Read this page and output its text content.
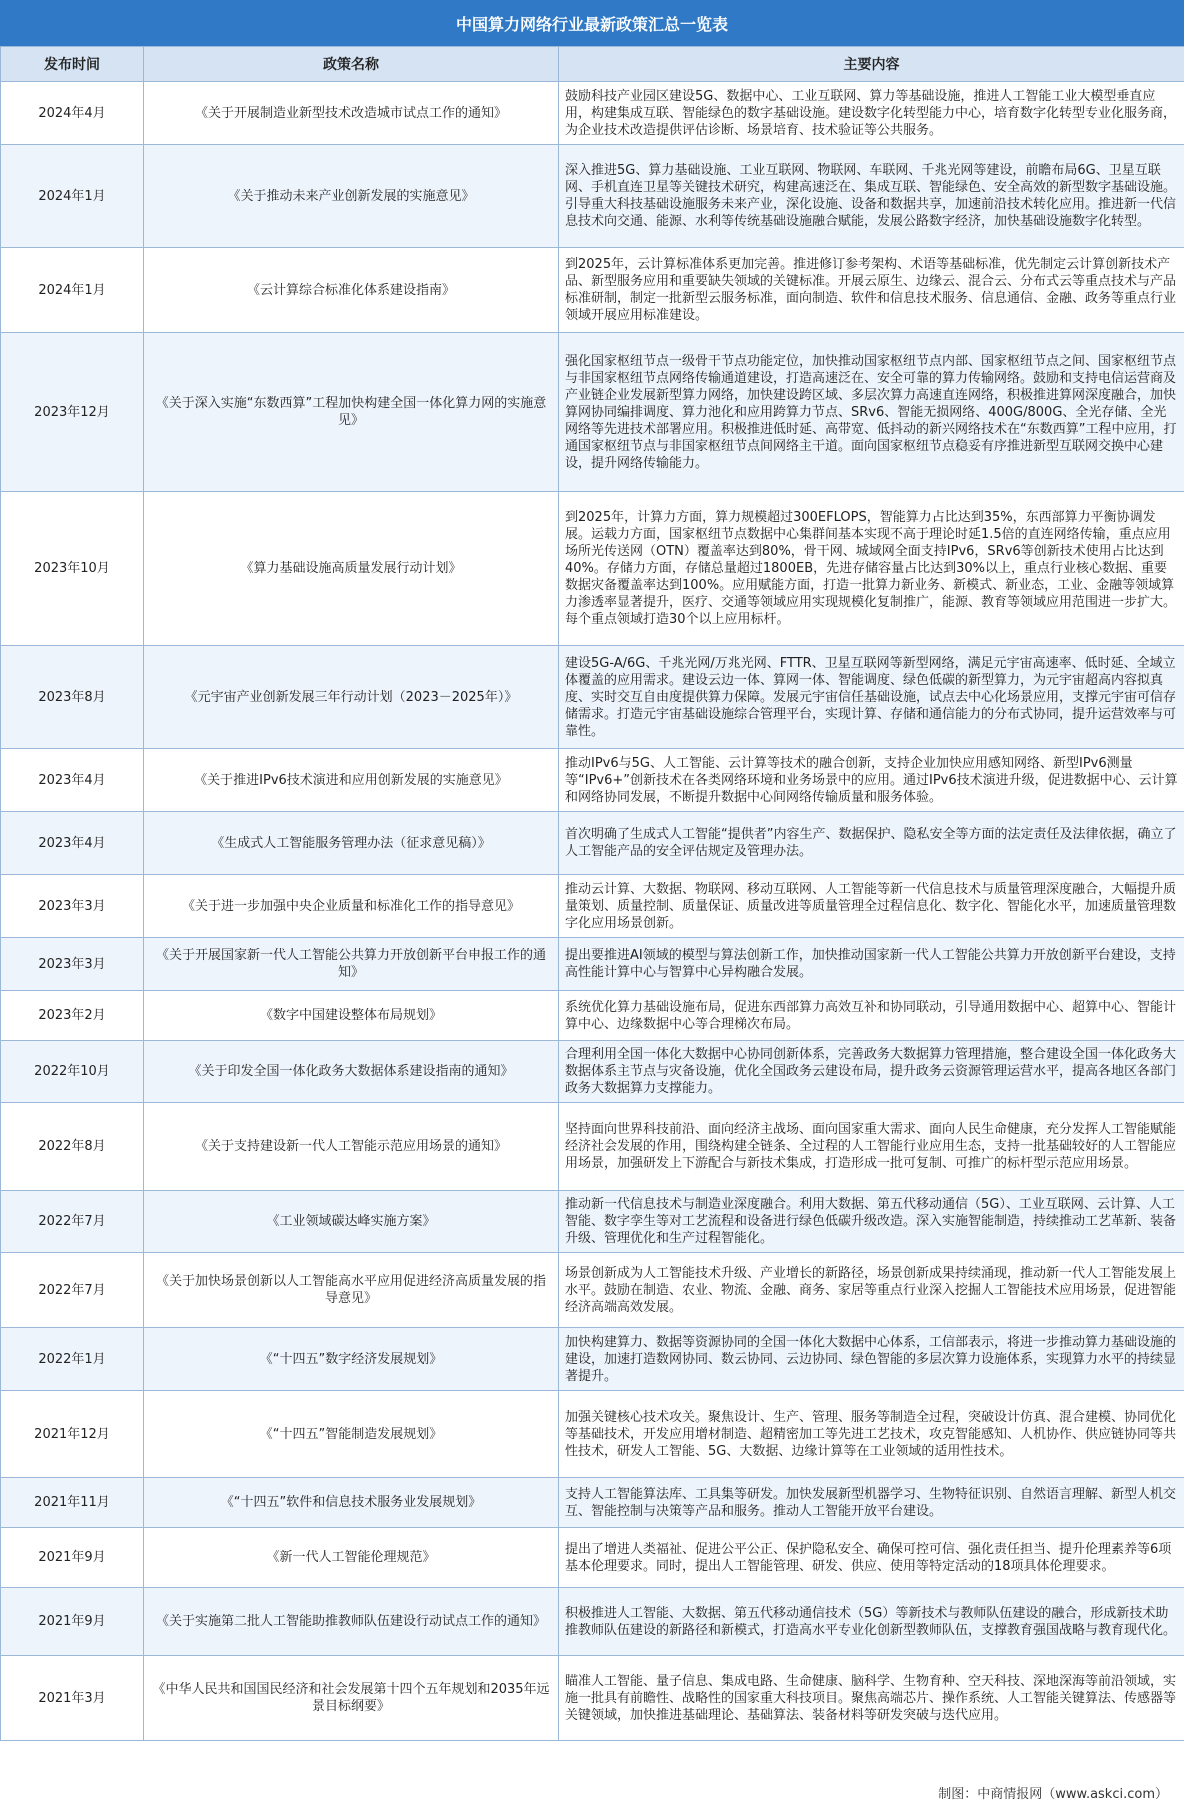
中国算力网络行业最新政策汇总一览表
发布时间	政策名称	主要内容
2024年4月	《关于开展制造业新型技术改造城市试点工作的通知》	鼓励科技产业园区建设5G、数据中心、工业互联网、算力等基础设施，推进人工智能工业大模型垂直应用，构建集成互联、智能绿色的数字基础设施。建设数字化转型能力中心，培育数字化转型专业化服务商，为企业技术改造提供评估诊断、场景培育、技术验证等公共服务。
2024年1月	《关于推动未来产业创新发展的实施意见》	深入推进5G、算力基础设施、工业互联网、物联网、车联网、千兆光网等建设，前瞻布局6G、卫星互联网、手机直连卫星等关键技术研究，构建高速泛在、集成互联、智能绿色、安全高效的新型数字基础设施。引导重大科技基础设施服务未来产业，深化设施、设备和数据共享，加速前沿技术转化应用。推进新一代信息技术向交通、能源、水利等传统基础设施融合赋能，发展公路数字经济，加快基础设施数字化转型。
2024年1月	《云计算综合标准化体系建设指南》	到2025年，云计算标准体系更加完善。推进修订参考架构、术语等基础标准，优先制定云计算创新技术产品、新型服务应用和重要缺失领域的关键标准。开展云原生、边缘云、混合云、分布式云等重点技术与产品标准研制，制定一批新型云服务标准，面向制造、软件和信息技术服务、信息通信、金融、政务等重点行业领域开展应用标准建设。
2023年12月	《关于深入实施“东数西算”工程加快构建全国一体化算力网的实施意见》	强化国家枢纽节点一级骨干节点功能定位，加快推动国家枢纽节点内部、国家枢纽节点之间、国家枢纽节点与非国家枢纽节点网络传输通道建设，打造高速泛在、安全可靠的算力传输网络。鼓励和支持电信运营商及产业链企业发展新型算力网络，加快建设跨区域、多层次算力高速直连网络，积极推进算网深度融合，加快算网协同编排调度、算力池化和应用跨算力节点、SRv6、智能无损网络、400G/800G、全光存储、全光网络等先进技术部署应用。积极推进低时延、高带宽、低抖动的新兴网络技术在“东数西算”工程中应用，打通国家枢纽节点与非国家枢纽节点间网络主干道。面向国家枢纽节点稳妥有序推进新型互联网交换中心建设，提升网络传输能力。
2023年10月	《算力基础设施高质量发展行动计划》	到2025年，计算力方面，算力规模超过300EFLOPS，智能算力占比达到35%，东西部算力平衡协调发展。运载力方面，国家枢纽节点数据中心集群间基本实现不高于理论时延1.5倍的直连网络传输，重点应用场所光传送网（OTN）覆盖率达到80%，骨干网、城域网全面支持IPv6，SRv6等创新技术使用占比达到40%。存储力方面，存储总量超过1800EB，先进存储容量占比达到30%以上，重点行业核心数据、重要数据灾备覆盖率达到100%。应用赋能方面，打造一批算力新业务、新模式、新业态，工业、金融等领域算力渗透率显著提升，医疗、交通等领域应用实现规模化复制推广，能源、教育等领域应用范围进一步扩大。每个重点领域打造30个以上应用标杆。
2023年8月	《元宇宙产业创新发展三年行动计划（2023－2025年）》	建设5G-A/6G、千兆光网/万兆光网、FTTR、卫星互联网等新型网络，满足元宇宙高速率、低时延、全域立体覆盖的应用需求。建设云边一体、算网一体、智能调度、绿色低碳的新型算力，为元宇宙超高内容拟真度、实时交互自由度提供算力保障。发展元宇宙信任基础设施，试点去中心化场景应用，支撑元宇宙可信存储需求。打造元宇宙基础设施综合管理平台，实现计算、存储和通信能力的分布式协同，提升运营效率与可靠性。
2023年4月	《关于推进IPv6技术演进和应用创新发展的实施意见》	推动IPv6与5G、人工智能、云计算等技术的融合创新，支持企业加快应用感知网络、新型IPv6测量等“IPv6+”创新技术在各类网络环境和业务场景中的应用。通过IPv6技术演进升级，促进数据中心、云计算和网络协同发展，不断提升数据中心间网络传输质量和服务体验。
2023年4月	《生成式人工智能服务管理办法（征求意见稿）》	首次明确了生成式人工智能“提供者”内容生产、数据保护、隐私安全等方面的法定责任及法律依据，确立了人工智能产品的安全评估规定及管理办法。
2023年3月	《关于进一步加强中央企业质量和标准化工作的指导意见》	推动云计算、大数据、物联网、移动互联网、人工智能等新一代信息技术与质量管理深度融合，大幅提升质量策划、质量控制、质量保证、质量改进等质量管理全过程信息化、数字化、智能化水平，加速质量管理数字化应用场景创新。
2023年3月	《关于开展国家新一代人工智能公共算力开放创新平台申报工作的通知》	提出要推进AI领域的模型与算法创新工作，加快推动国家新一代人工智能公共算力开放创新平台建设，支持高性能计算中心与智算中心异构融合发展。
2023年2月	《数字中国建设整体布局规划》	系统优化算力基础设施布局，促进东西部算力高效互补和协同联动，引导通用数据中心、超算中心、智能计算中心、边缘数据中心等合理梯次布局。
2022年10月	《关于印发全国一体化政务大数据体系建设指南的通知》	合理利用全国一体化大数据中心协同创新体系，完善政务大数据算力管理措施，整合建设全国一体化政务大数据体系主节点与灾备设施，优化全国政务云建设布局，提升政务云资源管理运营水平，提高各地区各部门政务大数据算力支撑能力。
2022年8月	《关于支持建设新一代人工智能示范应用场景的通知》	坚持面向世界科技前沿、面向经济主战场、面向国家重大需求、面向人民生命健康，充分发挥人工智能赋能经济社会发展的作用，围绕构建全链条、全过程的人工智能行业应用生态，支持一批基础较好的人工智能应用场景，加强研发上下游配合与新技术集成，打造形成一批可复制、可推广的标杆型示范应用场景。
2022年7月	《工业领域碳达峰实施方案》	推动新一代信息技术与制造业深度融合。利用大数据、第五代移动通信（5G）、工业互联网、云计算、人工智能、数字孪生等对工艺流程和设备进行绿色低碳升级改造。深入实施智能制造，持续推动工艺革新、装备升级、管理优化和生产过程智能化。
2022年7月	《关于加快场景创新以人工智能高水平应用促进经济高质量发展的指导意见》	场景创新成为人工智能技术升级、产业增长的新路径，场景创新成果持续涌现，推动新一代人工智能发展上水平。鼓励在制造、农业、物流、金融、商务、家居等重点行业深入挖掘人工智能技术应用场景，促进智能经济高端高效发展。
2022年1月	《“十四五”数字经济发展规划》	加快构建算力、数据等资源协同的全国一体化大数据中心体系，工信部表示，将进一步推动算力基础设施的建设，加速打造数网协同、数云协同、云边协同、绿色智能的多层次算力设施体系，实现算力水平的持续显著提升。
2021年12月	《“十四五”智能制造发展规划》	加强关键核心技术攻关。聚焦设计、生产、管理、服务等制造全过程，突破设计仿真、混合建模、协同优化等基础技术，开发应用增材制造、超精密加工等先进工艺技术，攻克智能感知、人机协作、供应链协同等共性技术，研发人工智能、5G、大数据、边缘计算等在工业领域的适用性技术。
2021年11月	《“十四五”软件和信息技术服务业发展规划》	支持人工智能算法库、工具集等研发。加快发展新型机器学习、生物特征识别、自然语言理解、新型人机交互、智能控制与决策等产品和服务。推动人工智能开放平台建设。
2021年9月	《新一代人工智能伦理规范》	提出了增进人类福祉、促进公平公正、保护隐私安全、确保可控可信、强化责任担当、提升伦理素养等6项基本伦理要求。同时，提出人工智能管理、研发、供应、使用等特定活动的18项具体伦理要求。
2021年9月	《关于实施第二批人工智能助推教师队伍建设行动试点工作的通知》	积极推进人工智能、大数据、第五代移动通信技术（5G）等新技术与教师队伍建设的融合，形成新技术助推教师队伍建设的新路径和新模式，打造高水平专业化创新型教师队伍，支撑教育强国战略与教育现代化。
2021年3月	《中华人民共和国国民经济和社会发展第十四个五年规划和2035年远景目标纲要》	瞄准人工智能、量子信息、集成电路、生命健康、脑科学、生物育种、空天科技、深地深海等前沿领域，实施一批具有前瞻性、战略性的国家重大科技项目。聚焦高端芯片、操作系统、人工智能关键算法、传感器等关键领域，加快推进基础理论、基础算法、装备材料等研发突破与迭代应用。
制图：中商情报网（www.askci.com）
